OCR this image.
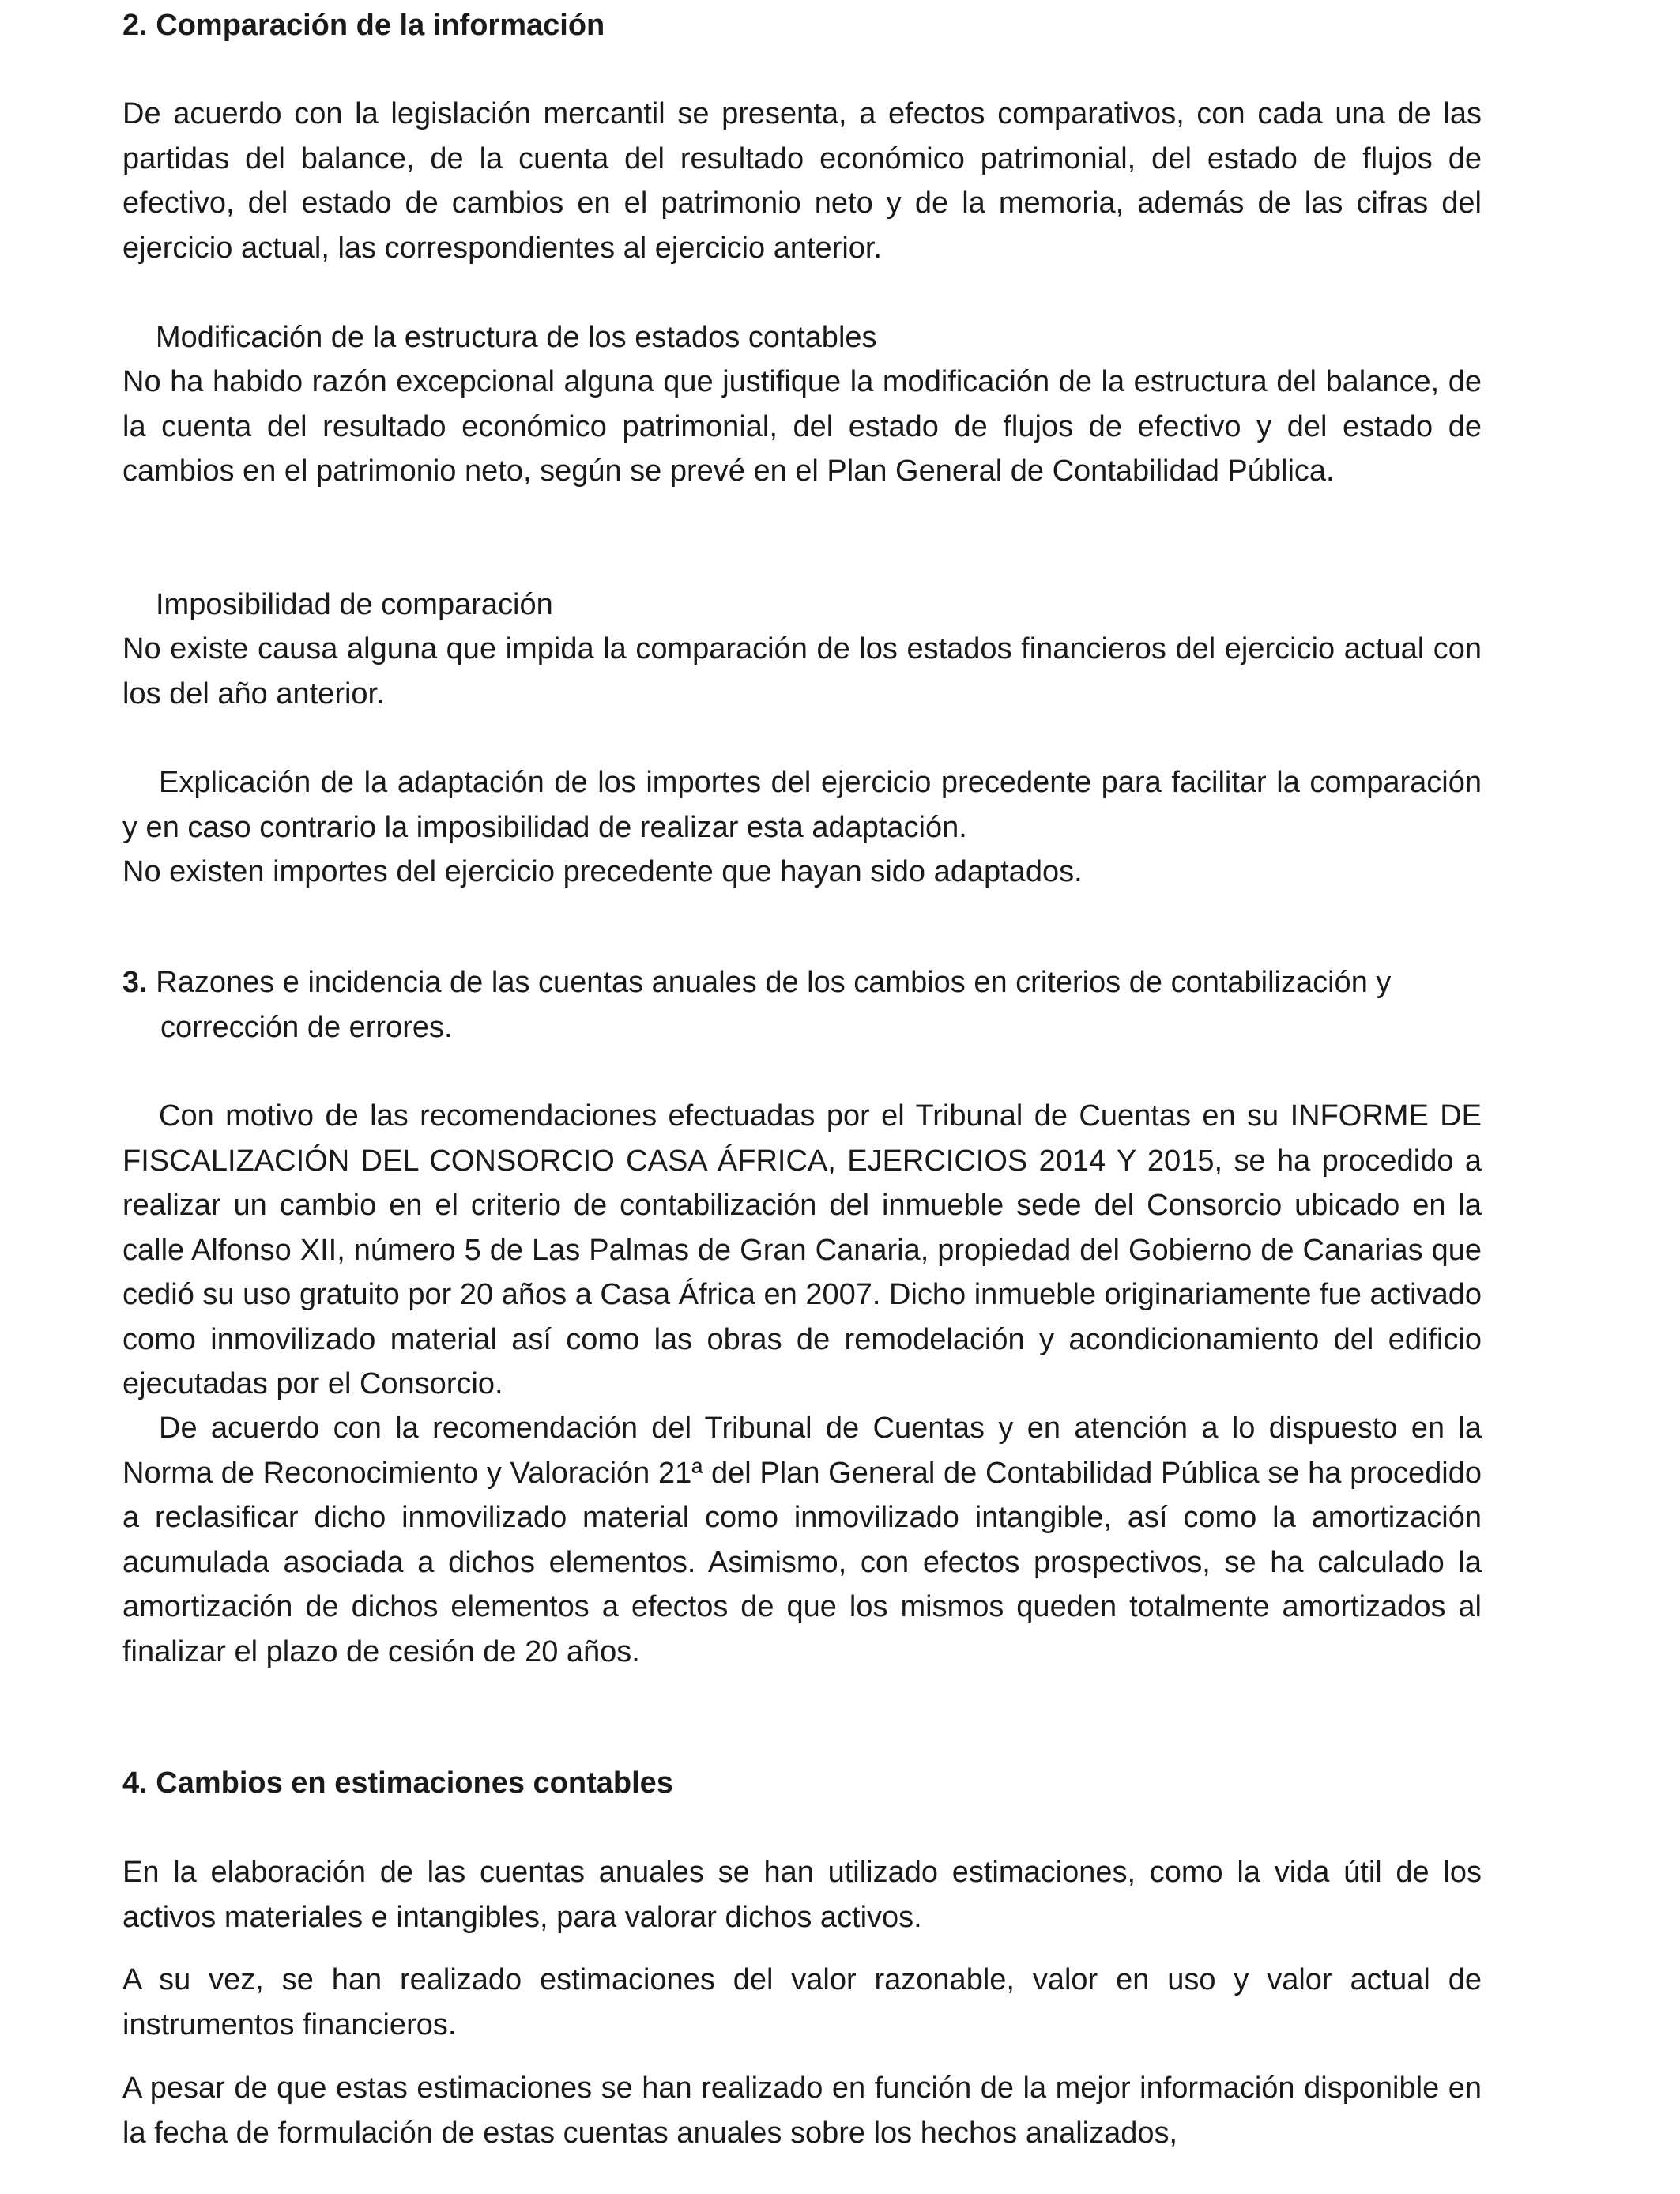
2. Comparación de la información

De acuerdo con la legislación mercantil se presenta, a efectos comparativos, con cada una de las partidas del balance, de la cuenta del resultado económico patrimonial, del estado de flujos de efectivo, del estado de cambios en el patrimonio neto y de la memoria, además de las cifras del ejercicio actual, las correspondientes al ejercicio anterior.

Modificación de la estructura de los estados contables

No ha habido razón excepcional alguna que justifique la modificación de la estructura del balance, de la cuenta del resultado económico patrimonial, del estado de flujos de efectivo y del estado de cambios en el patrimonio neto, según se prevé en el Plan General de Contabilidad Pública.

Imposibilidad de comparación

No existe causa alguna que impida la comparación de los estados financieros del ejercicio actual con los del año anterior.

Explicación de la adaptación de los importes del ejercicio precedente para facilitar la comparación y en caso contrario la imposibilidad de realizar esta adaptación.

No existen importes del ejercicio precedente que hayan sido adaptados.

3. Razones e incidencia de las cuentas anuales de los cambios en criterios de contabilización y corrección de errores.

Con motivo de las recomendaciones efectuadas por el Tribunal de Cuentas en su INFORME DE FISCALIZACIÓN DEL CONSORCIO CASA ÁFRICA, EJERCICIOS 2014 Y 2015, se ha procedido a realizar un cambio en el criterio de contabilización del inmueble sede del Consorcio ubicado en la calle Alfonso XII, número 5 de Las Palmas de Gran Canaria, propiedad del Gobierno de Canarias que cedió su uso gratuito por 20 años a Casa África en 2007. Dicho inmueble originariamente fue activado como inmovilizado material así como las obras de remodelación y acondicionamiento del edificio ejecutadas por el Consorcio.

De acuerdo con la recomendación del Tribunal de Cuentas y en atención a lo dispuesto en la Norma de Reconocimiento y Valoración 21ª del Plan General de Contabilidad Pública se ha procedido a reclasificar dicho inmovilizado material como inmovilizado intangible, así como la amortización acumulada asociada a dichos elementos. Asimismo, con efectos prospectivos, se ha calculado la amortización de dichos elementos a efectos de que los mismos queden totalmente amortizados al finalizar el plazo de cesión de 20 años.

4. Cambios en estimaciones contables

En la elaboración de las cuentas anuales se han utilizado estimaciones, como la vida útil de los activos materiales e intangibles, para valorar dichos activos.

A su vez, se han realizado estimaciones del valor razonable, valor en uso y valor actual de instrumentos financieros.

A pesar de que estas estimaciones se han realizado en función de la mejor información disponible en la fecha de formulación de estas cuentas anuales sobre los hechos analizados,
